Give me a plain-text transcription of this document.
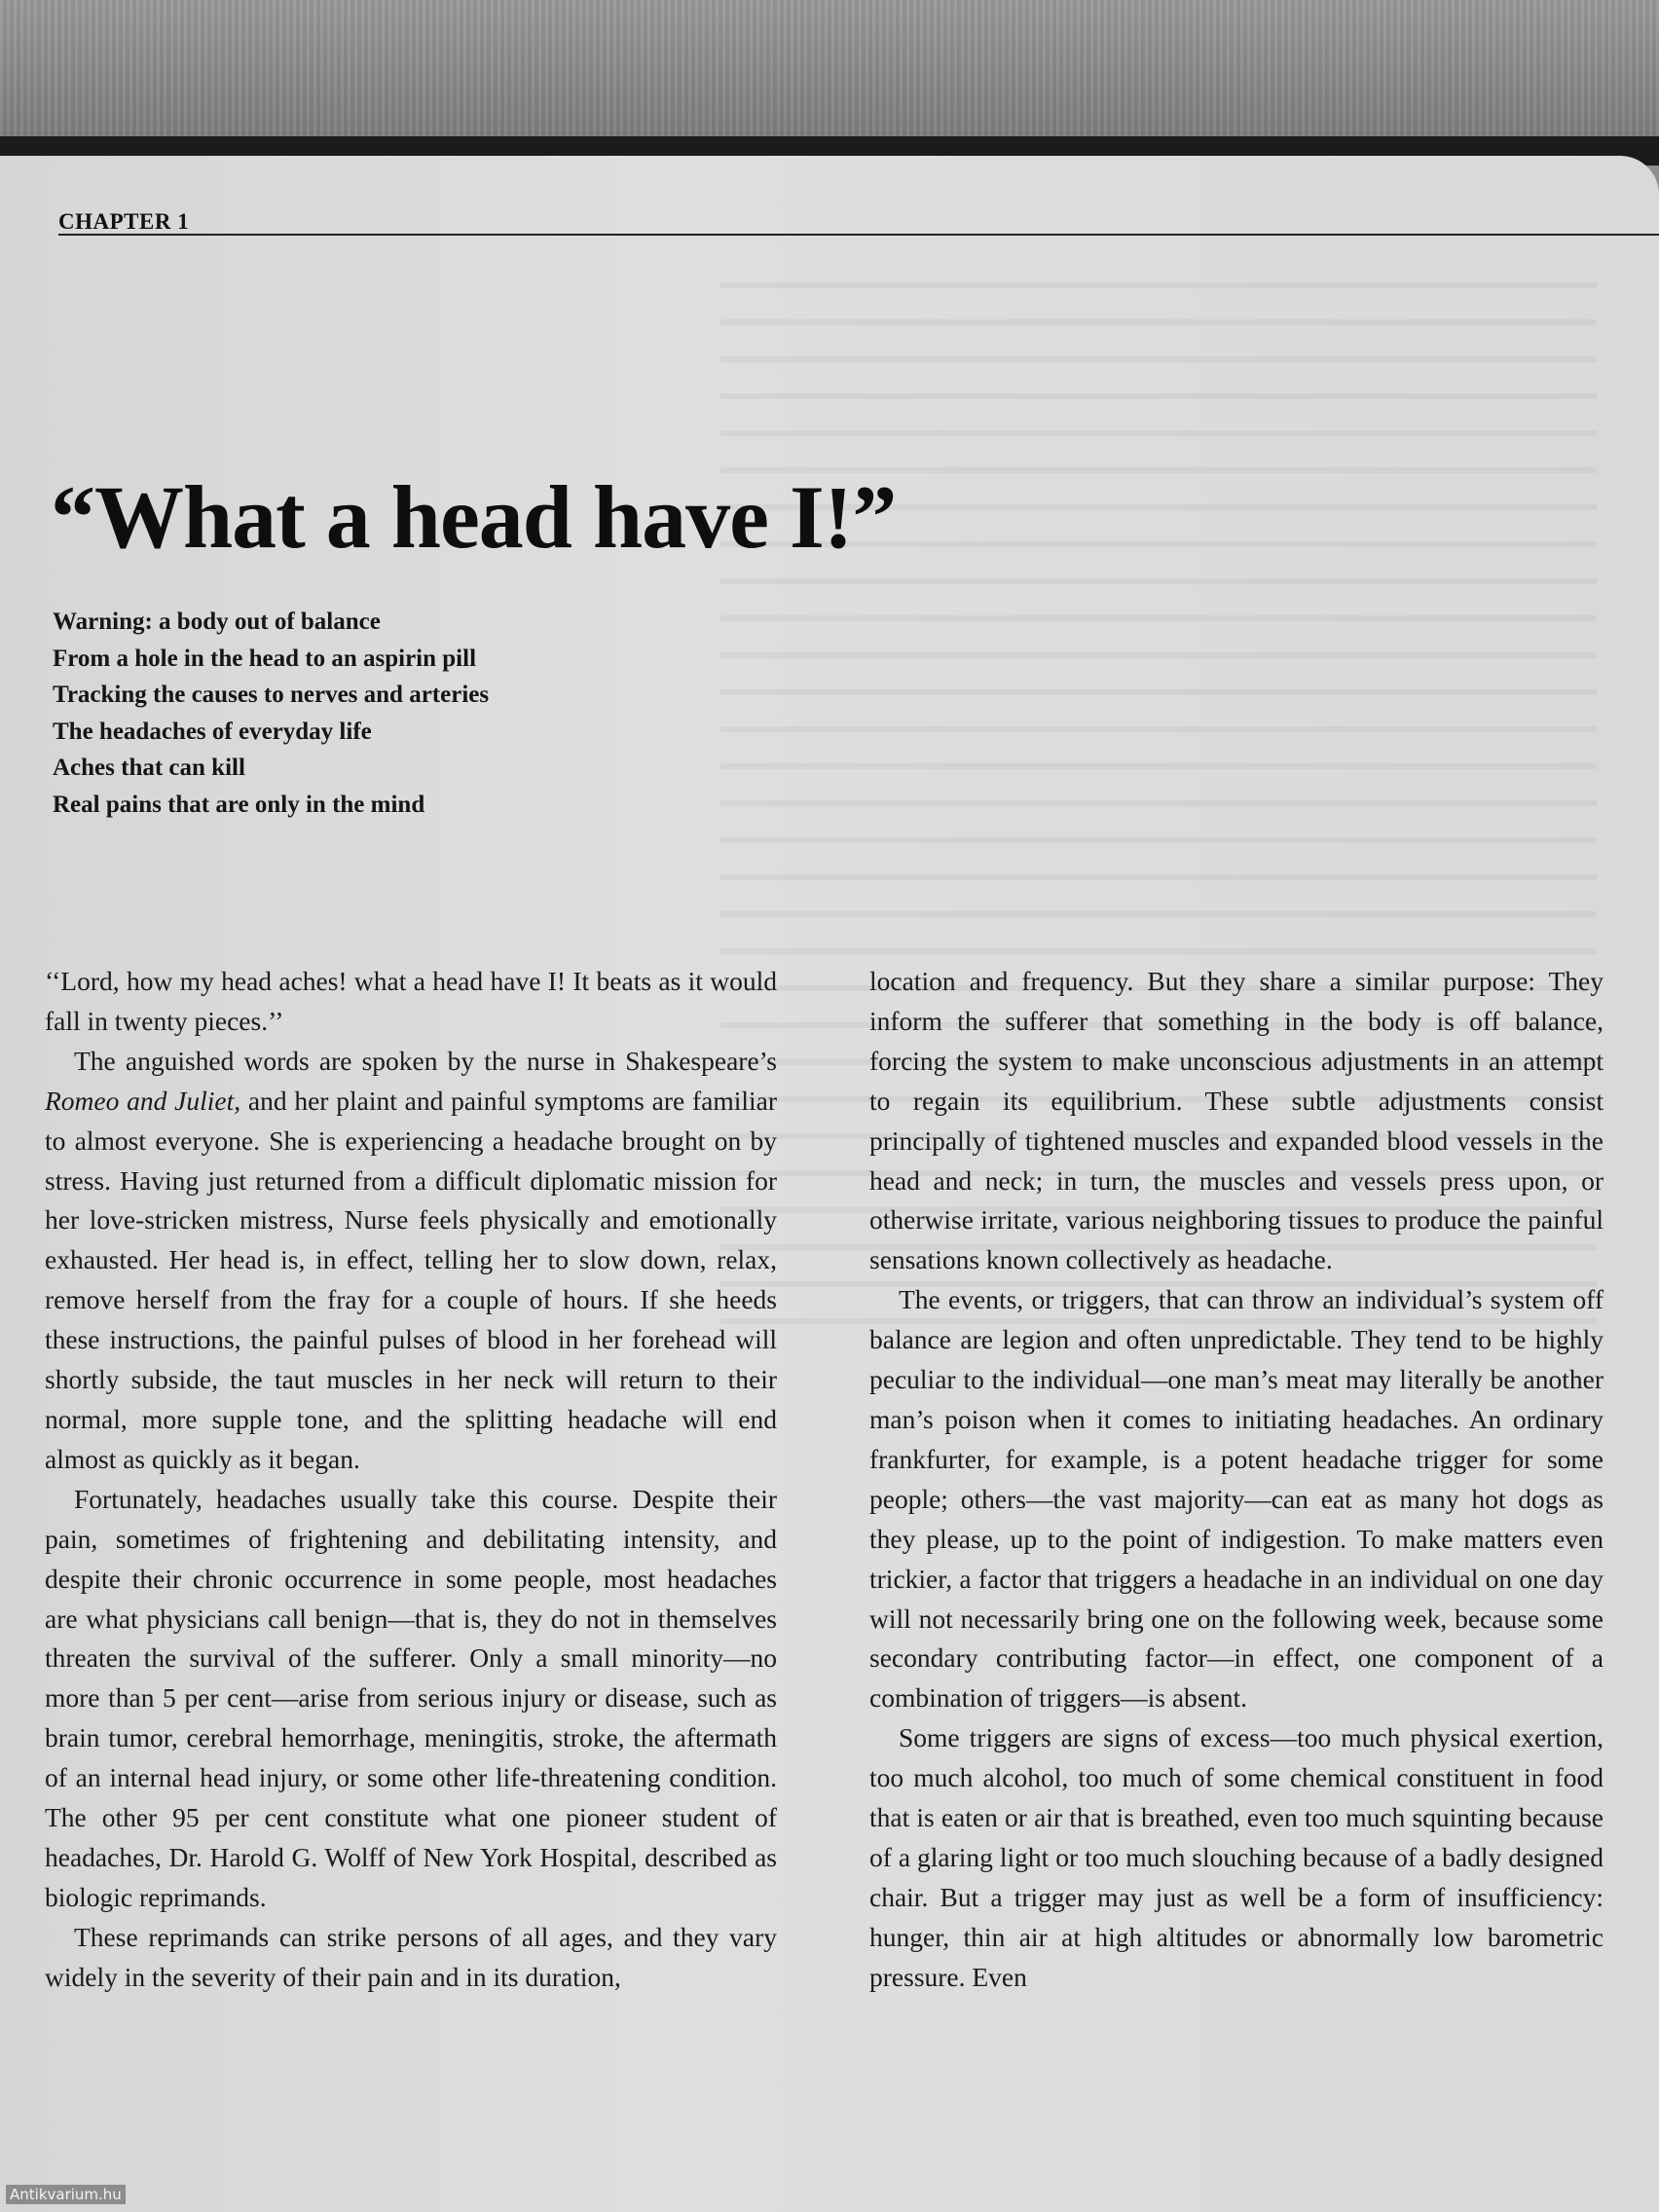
CHAPTER 1
“What a head have I!”
Warning: a body out of balance
From a hole in the head to an aspirin pill
Tracking the causes to nerves and arteries
The headaches of everyday life
Aches that can kill
Real pains that are only in the mind

‘‘Lord, how my head aches! what a head have I! It beats as it would fall in twenty pieces.’’

The anguished words are spoken by the nurse in Shakespeare’s Romeo and Juliet, and her plaint and painful symptoms are familiar to almost everyone. She is experiencing a headache brought on by stress. Having just returned from a difficult diplomatic mission for her love-stricken mistress, Nurse feels physically and emotionally exhausted. Her head is, in effect, telling her to slow down, relax, remove herself from the fray for a couple of hours. If she heeds these instructions, the painful pulses of blood in her forehead will shortly subside, the taut muscles in her neck will return to their normal, more supple tone, and the splitting headache will end almost as quickly as it began.

Fortunately, headaches usually take this course. Despite their pain, sometimes of frightening and debilitating intensity, and despite their chronic occurrence in some people, most headaches are what physicians call benign—that is, they do not in themselves threaten the survival of the sufferer. Only a small minority—no more than 5 per cent—arise from serious injury or disease, such as brain tumor, cerebral hemorrhage, meningitis, stroke, the aftermath of an internal head injury, or some other life-threatening condition. The other 95 per cent constitute what one pioneer student of headaches, Dr. Harold G. Wolff of New York Hospital, described as biologic reprimands.

These reprimands can strike persons of all ages, and they vary widely in the severity of their pain and in its duration,

location and frequency. But they share a similar purpose: They inform the sufferer that something in the body is off balance, forcing the system to make unconscious adjustments in an attempt to regain its equilibrium. These subtle adjustments consist principally of tightened muscles and expanded blood vessels in the head and neck; in turn, the muscles and vessels press upon, or otherwise irritate, various neighboring tissues to produce the painful sensations known collectively as headache.

The events, or triggers, that can throw an individual’s system off balance are legion and often unpredictable. They tend to be highly peculiar to the individual—one man’s meat may literally be another man’s poison when it comes to initiating headaches. An ordinary frankfurter, for example, is a potent headache trigger for some people; others—the vast majority—can eat as many hot dogs as they please, up to the point of indigestion. To make matters even trickier, a factor that triggers a headache in an individual on one day will not necessarily bring one on the following week, because some secondary contributing factor—in effect, one component of a combination of triggers—is absent.

Some triggers are signs of excess—too much physical exertion, too much alcohol, too much of some chemical constituent in food that is eaten or air that is breathed, even too much squinting because of a glaring light or too much slouching because of a badly designed chair. But a trigger may just as well be a form of insufficiency: hunger, thin air at high altitudes or abnormally low barometric pressure. Even

Antikvarium.hu
